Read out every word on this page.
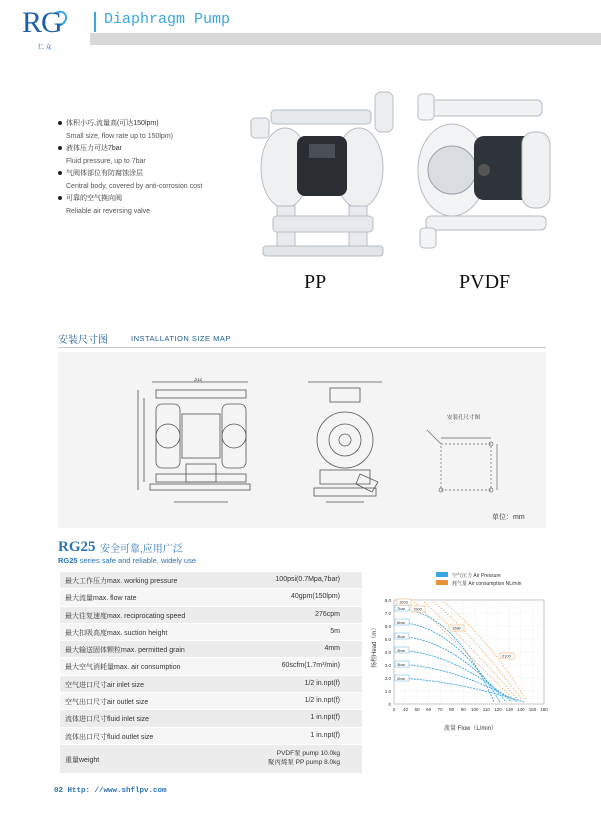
RG
仁 众
Diaphragm Pump
体积小巧,流量高(可达150lpm)
Small size, flow rate up to 150lpm)
液体压力可达7bar
Fluid pressure, up to 7bar
气阀体部位有防腐蚀涂层
Central body, covered by anti-corrosion cost
可靠的空气换向阀
Reliable air reversing valve
PP	PVDF
安装尺寸图	INSTALLATION SIZE MAP
312
安装孔尺寸图
单位：mm
RG25 安全可靠,应用广泛
RG25 series safe and reliable, widely use
最大工作压力max. working pressure	100psi(0.7Mpa,7bar)
最大流量max. flow rate	40gpm(150lpm)
最大往复速度max. reciprocating speed	276cpm
最大扣吸高度max. suction height	5m
最大输送固体颗粒max. permitted grain	4mm
最大空气消耗量max. air consumption	60scfm(1.7m³/min)
空气进口尺寸air inlet size	1/2 in.npt(f)
空气出口尺寸air outlet size	1/2 in.npt(f)
流体进口尺寸fluid inlet size	1 in.npt(f)
流体出口尺寸fluid outlet size	1 in.npt(f)
重量weight
PVDF泵 pump 10.0kg
聚丙烯泵 PP pump 8.0kg
空气压力 Air Pressure
耗气量 Air consumption NL/min
8.0
7.0
6.0
5.0
4.0
3.0
2.0
1.0
0
0 40 50 60 70 80 90 100 110 120 130 140 150 160
7bar
6bar
5bar
4bar
3bar
2bar
1503
1500
1680
2100
扬程Head（m）
流量 Flow（L/min）
02 Http: //www.shflpv.com
